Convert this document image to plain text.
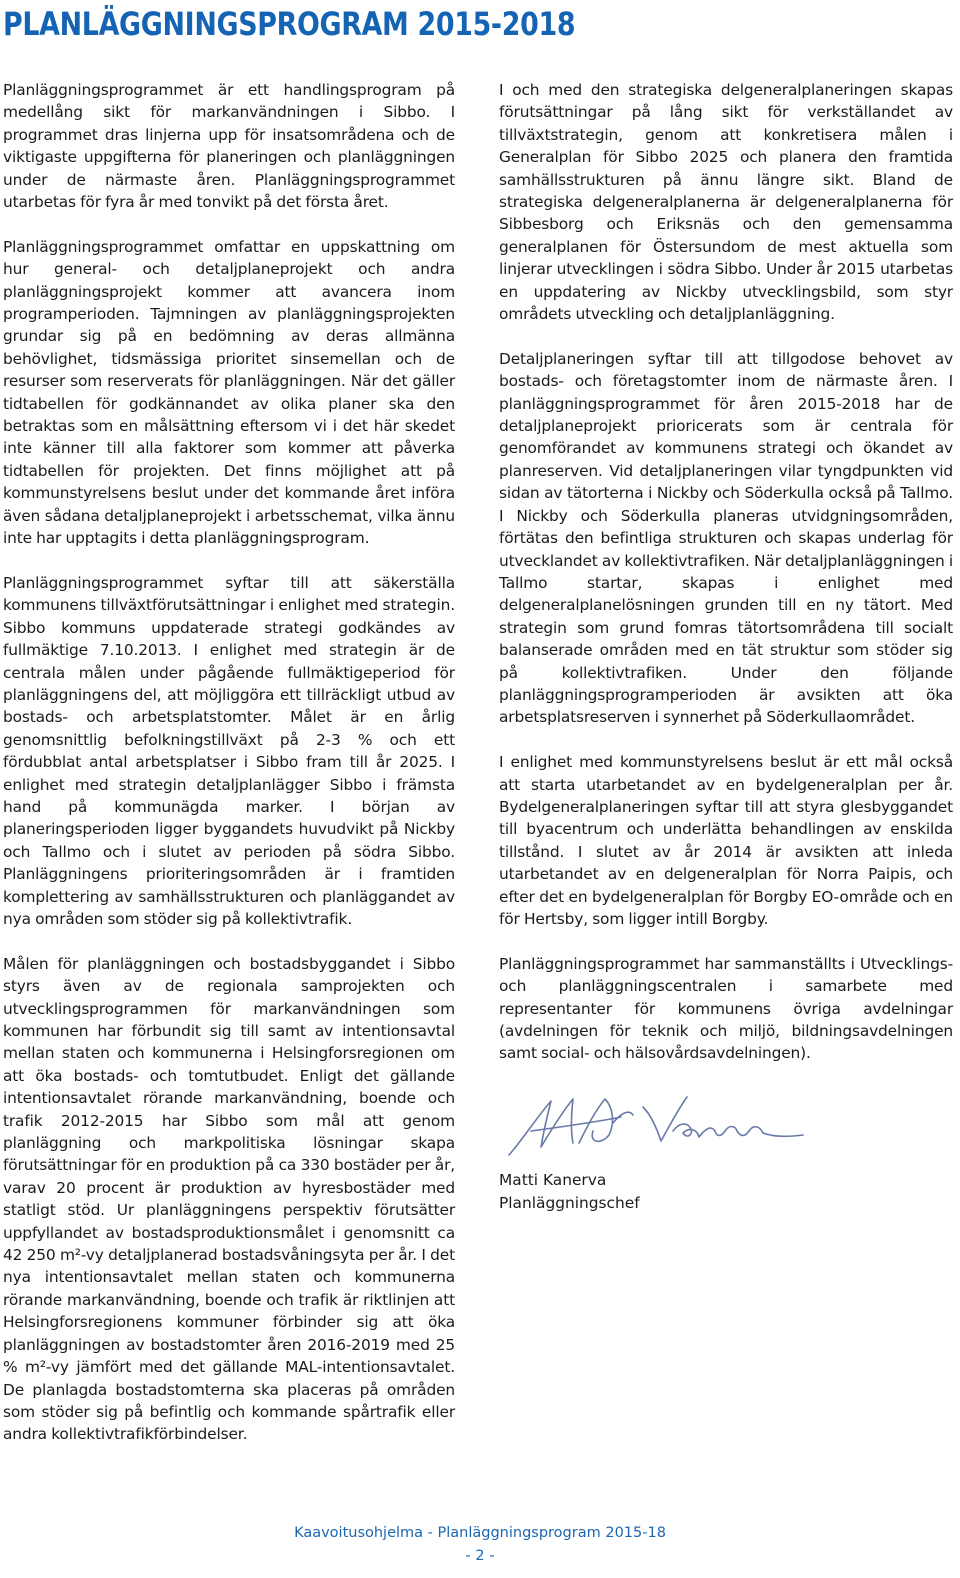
PLANLÄGGNINGSPROGRAM 2015-2018

Planläggningsprogrammet är ett handlingsprogram på medellång sikt för markanvändningen i Sibbo. I programmet dras linjerna upp för insatsområdena och de viktigaste uppgifterna för planeringen och planläggningen under de närmaste åren. Planläggningsprogrammet utarbetas för fyra år med tonvikt på det första året.

Planläggningsprogrammet omfattar en uppskattning om hur general- och detaljplaneprojekt och andra planläggningsprojekt kommer att avancera inom programperioden. Tajmningen av planläggningsprojekten grundar sig på en bedömning av deras allmänna behövlighet, tidsmässiga prioritet sinsemellan och de resurser som reserverats för planläggningen. När det gäller tidtabellen för godkännandet av olika planer ska den betraktas som en målsättning eftersom vi i det här skedet inte känner till alla faktorer som kommer att påverka tidtabellen för projekten. Det finns möjlighet att på kommunstyrelsens beslut under det kommande året införa även sådana detaljplaneprojekt i arbetsschemat, vilka ännu inte har upptagits i detta planläggningsprogram.

Planläggningsprogrammet syftar till att säkerställa kommunens tillväxtförutsättningar i enlighet med strategin. Sibbo kommuns uppdaterade strategi godkändes av fullmäktige 7.10.2013. I enlighet med strategin är de centrala målen under pågående fullmäktigeperiod för planläggningens del, att möjliggöra ett tillräckligt utbud av bostads- och arbetsplatstomter. Målet är en årlig genomsnittlig befolkningstillväxt på 2-3 % och ett fördubblat antal arbetsplatser i Sibbo fram till år 2025. I enlighet med strategin detaljplanlägger Sibbo i främsta hand på kommunägda marker. I början av planeringsperioden ligger byggandets huvudvikt på Nickby och Tallmo och i slutet av perioden på södra Sibbo. Planläggningens prioriteringsområden är i framtiden komplettering av samhällsstrukturen och planläggandet av nya områden som stöder sig på kollektivtrafik.

Målen för planläggningen och bostadsbyggandet i Sibbo styrs även av de regionala samprojekten och utvecklingsprogrammen för markanvändningen som kommunen har förbundit sig till samt av intentionsavtal mellan staten och kommunerna i Helsingforsregionen om att öka bostads- och tomtutbudet. Enligt det gällande intentionsavtalet rörande markanvändning, boende och trafik 2012-2015 har Sibbo som mål att genom planläggning och markpolitiska lösningar skapa förutsättningar för en produktion på ca 330 bostäder per år, varav 20 procent är produktion av hyresbostäder med statligt stöd. Ur planläggningens perspektiv förutsätter uppfyllandet av bostadsproduktionsmålet i genomsnitt ca 42 250 m²-vy detaljplanerad bostadsvåningsyta per år. I det nya intentionsavtalet mellan staten och kommunerna rörande markanvändning, boende och trafik är riktlinjen att Helsingforsregionens kommuner förbinder sig att öka planläggningen av bostadstomter åren 2016-2019 med 25 % m²-vy jämfört med det gällande MAL-intentionsavtalet. De planlagda bostadstomterna ska placeras på områden som stöder sig på befintlig och kommande spårtrafik eller andra kollektivtrafikförbindelser.

I och med den strategiska delgeneralplaneringen skapas förutsättningar på lång sikt för verkställandet av tillväxtstrategin, genom att konkretisera målen i Generalplan för Sibbo 2025 och planera den framtida samhällsstrukturen på ännu längre sikt. Bland de strategiska delgeneralplanerna är delgeneralplanerna för Sibbesborg och Eriksnäs och den gemensamma generalplanen för Östersundom de mest aktuella som linjerar utvecklingen i södra Sibbo. Under år 2015 utarbetas en uppdatering av Nickby utvecklingsbild, som styr områdets utveckling och detaljplanläggning.

Detaljplaneringen syftar till att tillgodose behovet av bostads- och företagstomter inom de närmaste åren. I planläggningsprogrammet för åren 2015-2018 har de detaljplaneprojekt prioricerats som är centrala för genomförandet av kommunens strategi och ökandet av planreserven. Vid detaljplaneringen vilar tyngdpunkten vid sidan av tätorterna i Nickby och Söderkulla också på Tallmo. I Nickby och Söderkulla planeras utvidgningsområden, förtätas den befintliga strukturen och skapas underlag för utvecklandet av kollektivtrafiken. När detaljplanläggningen i Tallmo startar, skapas i enlighet med delgeneralplanelösningen grunden till en ny tätort. Med strategin som grund fomras tätortsområdena till socialt balanserade områden med en tät struktur som stöder sig på kollektivtrafiken. Under den följande planläggningsprogramperioden är avsikten att öka arbetsplatsreserven i synnerhet på Söderkullaområdet.

I enlighet med kommunstyrelsens beslut är ett mål också att starta utarbetandet av en bydelgeneralplan per år. Bydelgeneralplaneringen syftar till att styra glesbyggandet till byacentrum och underlätta behandlingen av enskilda tillstånd. I slutet av år 2014 är avsikten att inleda utarbetandet av en delgeneralplan för Norra Paipis, och efter det en bydelgeneralplan för Borgby EO-område och en för Hertsby, som ligger intill Borgby.

Planläggningsprogrammet har sammanställts i Utvecklings- och planläggningscentralen i samarbete med representanter för kommunens övriga avdelningar (avdelningen för teknik och miljö, bildningsavdelningen samt social- och hälsovårdsavdelningen).

Matti Kanerva
Planläggningschef
Kaavoitusohjelma - Planläggningsprogram 2015-18
- 2 -
